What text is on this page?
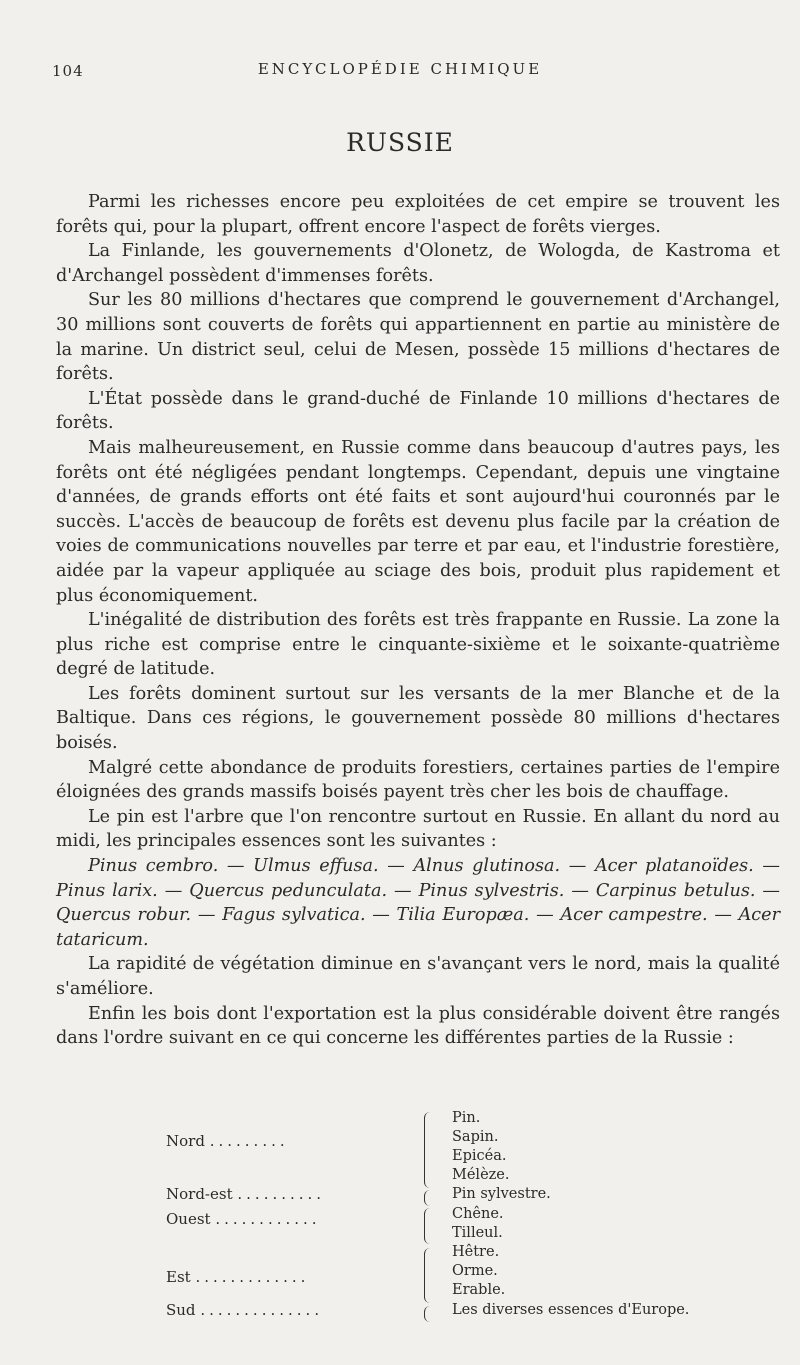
104	ENCYCLOPÉDIE CHIMIQUE
RUSSIE

Parmi les richesses encore peu exploitées de cet empire se trouvent les forêts qui, pour la plupart, offrent encore l'aspect de forêts vierges.

La Finlande, les gouvernements d'Olonetz, de Wologda, de Kastroma et d'Archangel possèdent d'immenses forêts.

Sur les 80 millions d'hectares que comprend le gouvernement d'Archangel, 30 millions sont couverts de forêts qui appartiennent en partie au ministère de la marine. Un district seul, celui de Mesen, possède 15 millions d'hectares de forêts.

L'État possède dans le grand-duché de Finlande 10 millions d'hectares de forêts.

Mais malheureusement, en Russie comme dans beaucoup d'autres pays, les forêts ont été négligées pendant longtemps. Cependant, depuis une vingtaine d'années, de grands efforts ont été faits et sont aujourd'hui couronnés par le succès. L'accès de beaucoup de forêts est devenu plus facile par la création de voies de communications nouvelles par terre et par eau, et l'industrie forestière, aidée par la vapeur appliquée au sciage des bois, produit plus rapidement et plus économiquement.

L'inégalité de distribution des forêts est très frappante en Russie. La zone la plus riche est comprise entre le cinquante-sixième et le soixante-quatrième degré de latitude.

Les forêts dominent surtout sur les versants de la mer Blanche et de la Baltique. Dans ces régions, le gouvernement possède 80 millions d'hectares boisés.

Malgré cette abondance de produits forestiers, certaines parties de l'empire éloignées des grands massifs boisés payent très cher les bois de chauffage.

Le pin est l'arbre que l'on rencontre surtout en Russie. En allant du nord au midi, les principales essences sont les suivantes :

Pinus cembro. — Ulmus effusa. — Alnus glutinosa. — Acer platanoïdes. — Pinus larix. — Quercus pedunculata. — Pinus sylvestris. — Carpinus betulus. — Quercus robur. — Fagus sylvatica. — Tilia Europæa. — Acer campestre. — Acer tataricum.

La rapidité de végétation diminue en s'avançant vers le nord, mais la qualité s'améliore.

Enfin les bois dont l'exportation est la plus considérable doivent être rangés dans l'ordre suivant en ce qui concerne les différentes parties de la Russie :

Nord .........
Pin.
Sapin.
Epicéa.
Mélèze.
Nord-est ..........	Pin sylvestre.
Ouest ............	Chêne.
Tilleul.
Est .............
Hêtre.
Orme.
Erable.
Sud ..............	Les diverses essences d'Europe.
